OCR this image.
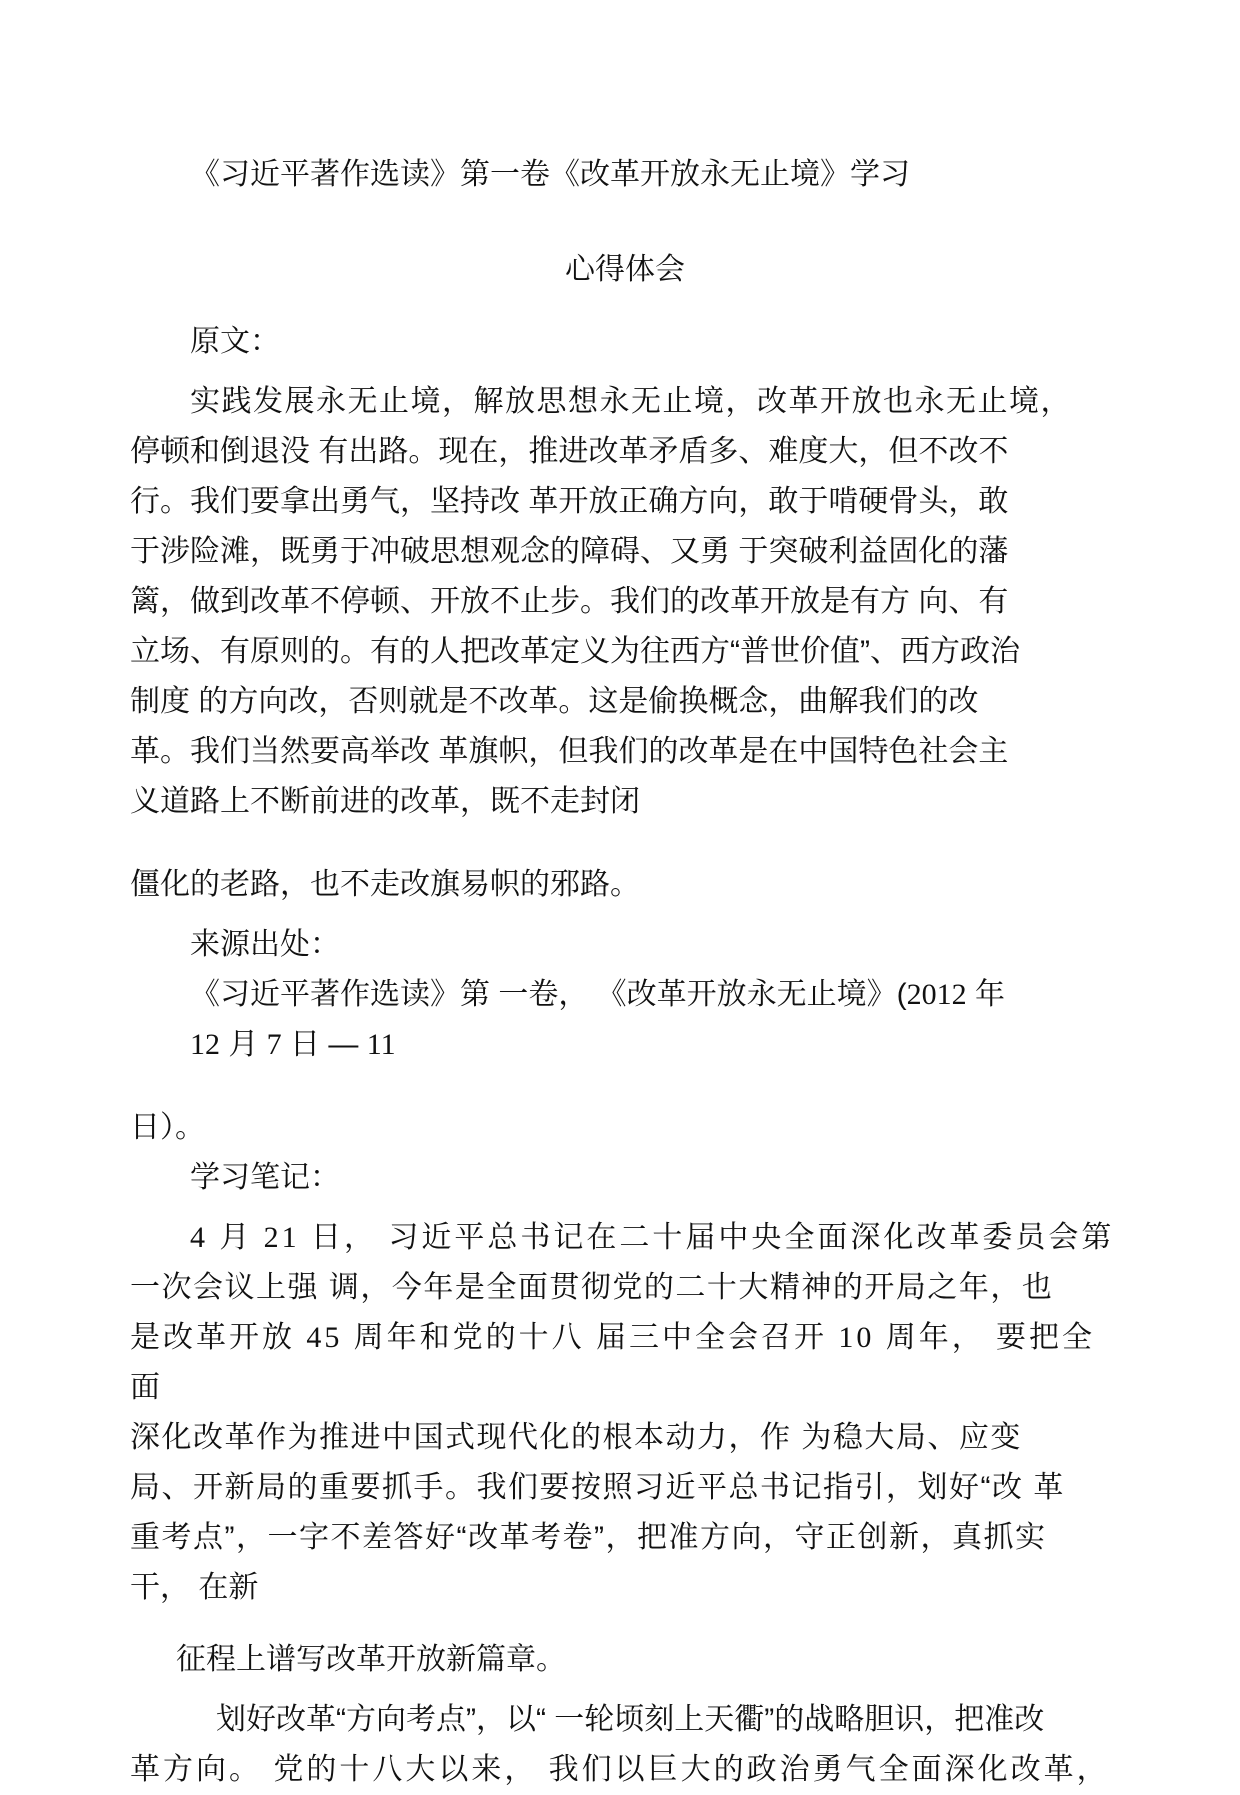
《习近平著作选读》第一卷《改革开放永无止境》学习
心得体会
原文：
实践发展永无止境，解放思想永无止境，改革开放也永无止境，
停顿和倒退没 有出路。现在，推进改革矛盾多、难度大，但不改不
行。我们要拿出勇气，坚持改 革开放正确方向，敢于啃硬骨头，敢
于涉险滩，既勇于冲破思想观念的障碍、又勇 于突破利益固化的藩
篱，做到改革不停顿、开放不止步。我们的改革开放是有方 向、有
立场、有原则的。有的人把改革定义为往西方“普世价值”、西方政治
制度 的方向改，否则就是不改革。这是偷换概念，曲解我们的改
革。我们当然要高举改 革旗帜，但我们的改革是在中国特色社会主
义道路上不断前进的改革，既不走封闭
僵化的老路，也不走改旗易帜的邪路。
来源出处：
《习近平著作选读》第 一卷， 《改革开放永无止境》(2012 年
12 月 7 日 — 11
日）。
学习笔记：
4 月 21 日， 习近平总书记在二十届中央全面深化改革委员会第
一次会议上强 调，今年是全面贯彻党的二十大精神的开局之年，也
是改革开放 45 周年和党的十八 届三中全会召开 10 周年， 要把全面
深化改革作为推进中国式现代化的根本动力，作 为稳大局、应变
局、开新局的重要抓手。我们要按照习近平总书记指引，划好“改 革
重考点”，一字不差答好“改革考卷”，把准方向，守正创新，真抓实
干， 在新
征程上谱写改革开放新篇章。
划好改革“方向考点”，以“ 一轮顷刻上天衢”的战略胆识，把准改
革方向。 党的十八大以来， 我们以巨大的政治勇气全面深化改革，
